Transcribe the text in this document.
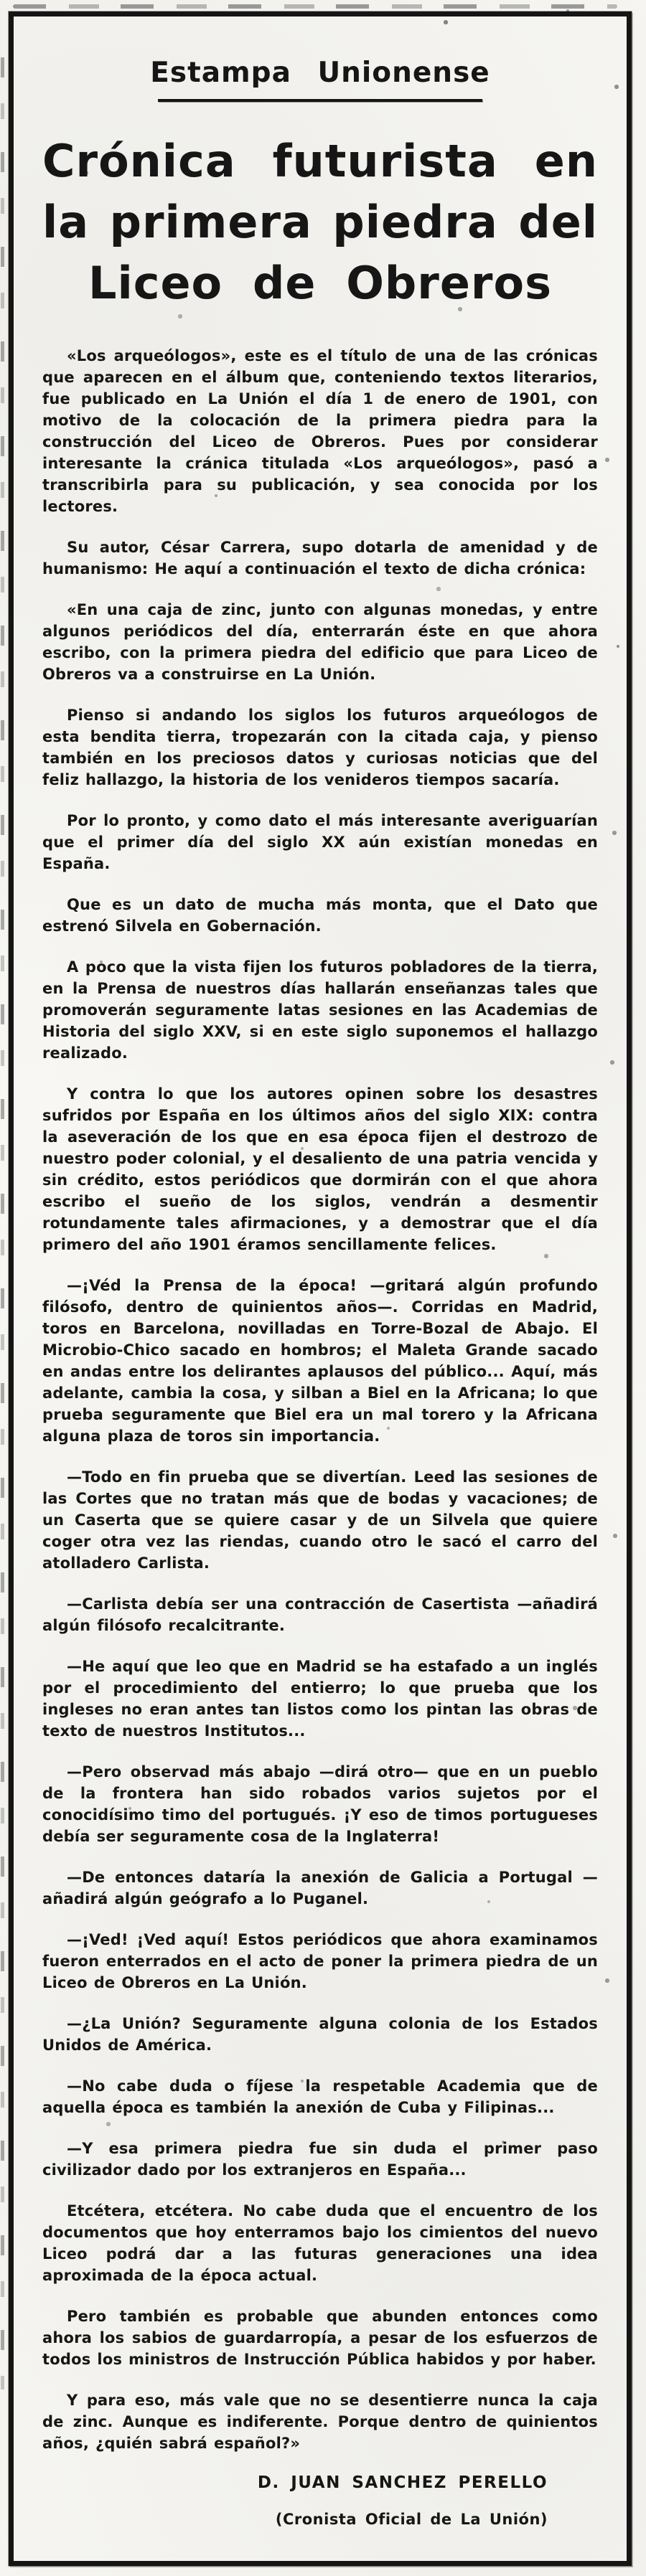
Estampa Unionense
Crónica futurista en
la primera piedra del
Liceo de Obreros

«Los arqueólogos», este es el título de una de las crónicas que aparecen en el álbum que, conteniendo textos literarios, fue publicado en La Unión el día 1 de enero de 1901, con motivo de la colocación de la primera piedra para la construcción del Liceo de Obreros. Pues por considerar interesante la cránica titulada «Los arqueólogos», pasó a transcribirla para su publicación, y sea conocida por los lectores.

Su autor, César Carrera, supo dotarla de amenidad y de humanismo: He aquí a continuación el texto de dicha crónica:

«En una caja de zinc, junto con algunas monedas, y entre algunos periódicos del día, enterrarán éste en que ahora escribo, con la primera piedra del edificio que para Liceo de Obreros va a construirse en La Unión.

Pienso si andando los siglos los futuros arqueólogos de esta bendita tierra, tropezarán con la citada caja, y pienso también en los preciosos datos y curiosas noticias que del feliz hallazgo, la historia de los venideros tiempos sacaría.

Por lo pronto, y como dato el más interesante averiguarían que el primer día del siglo XX aún existían monedas en España.

Que es un dato de mucha más monta, que el Dato que estrenó Silvela en Gobernación.

A poco que la vista fijen los futuros pobladores de la tierra, en la Prensa de nuestros días hallarán enseñanzas tales que promoverán seguramente latas sesiones en las Academias de Historia del siglo XXV, si en este siglo suponemos el hallazgo realizado.

Y contra lo que los autores opinen sobre los desastres sufridos por España en los últimos años del siglo XIX: contra la aseveración de los que en esa época fijen el destrozo de nuestro poder colonial, y el desaliento de una patria vencida y sin crédito, estos periódicos que dormirán con el que ahora escribo el sueño de los siglos, vendrán a desmentir rotundamente tales afirmaciones, y a demostrar que el día primero del año 1901 éramos sencillamente felices.

—¡Véd la Prensa de la época! —gritará algún profundo filósofo, dentro de quinientos años—. Corridas en Madrid, toros en Barcelona, novilladas en Torre-Bozal de Abajo. El Microbio-Chico sacado en hombros; el Maleta Grande sacado en andas entre los delirantes aplausos del público... Aquí, más adelante, cambia la cosa, y silban a Biel en la Africana; lo que prueba seguramente que Biel era un mal torero y la Africana alguna plaza de toros sin importancia.

—Todo en fin prueba que se divertían. Leed las sesiones de las Cortes que no tratan más que de bodas y vacaciones; de un Caserta que se quiere casar y de un Silvela que quiere coger otra vez las riendas, cuando otro le sacó el carro del atolladero Carlista.

—Carlista debía ser una contracción de Casertista —añadirá algún filósofo recalcitrante.

—He aquí que leo que en Madrid se ha estafado a un inglés por el procedimiento del entierro; lo que prueba que los ingleses no eran antes tan listos como los pintan las obras de texto de nuestros Institutos...

—Pero observad más abajo —dirá otro— que en un pueblo de la frontera han sido robados varios sujetos por el conocidísimo timo del portugués. ¡Y eso de timos portugueses debía ser seguramente cosa de la Inglaterra!

—De entonces dataría la anexión de Galicia a Portugal —añadirá algún geógrafo a lo Puganel.

—¡Ved! ¡Ved aquí! Estos periódicos que ahora examinamos fueron enterrados en el acto de poner la primera piedra de un Liceo de Obreros en La Unión.

—¿La Unión? Seguramente alguna colonia de los Estados Unidos de América.

—No cabe duda o fíjese la respetable Academia que de aquella época es también la anexión de Cuba y Filipinas...

—Y esa primera piedra fue sin duda el primer paso civilizador dado por los extranjeros en España...

Etcétera, etcétera. No cabe duda que el encuentro de los documentos que hoy enterramos bajo los cimientos del nuevo Liceo podrá dar a las futuras generaciones una idea aproximada de la época actual.

Pero también es probable que abunden entonces como ahora los sabios de guardarropía, a pesar de los esfuerzos de todos los ministros de Instrucción Pública habidos y por haber.

Y para eso, más vale que no se desentierre nunca la caja de zinc. Aunque es indiferente. Porque dentro de quinientos años, ¿quién sabrá español?»

D. JUAN SANCHEZ PERELLO
(Cronista Oficial de La Unión)
